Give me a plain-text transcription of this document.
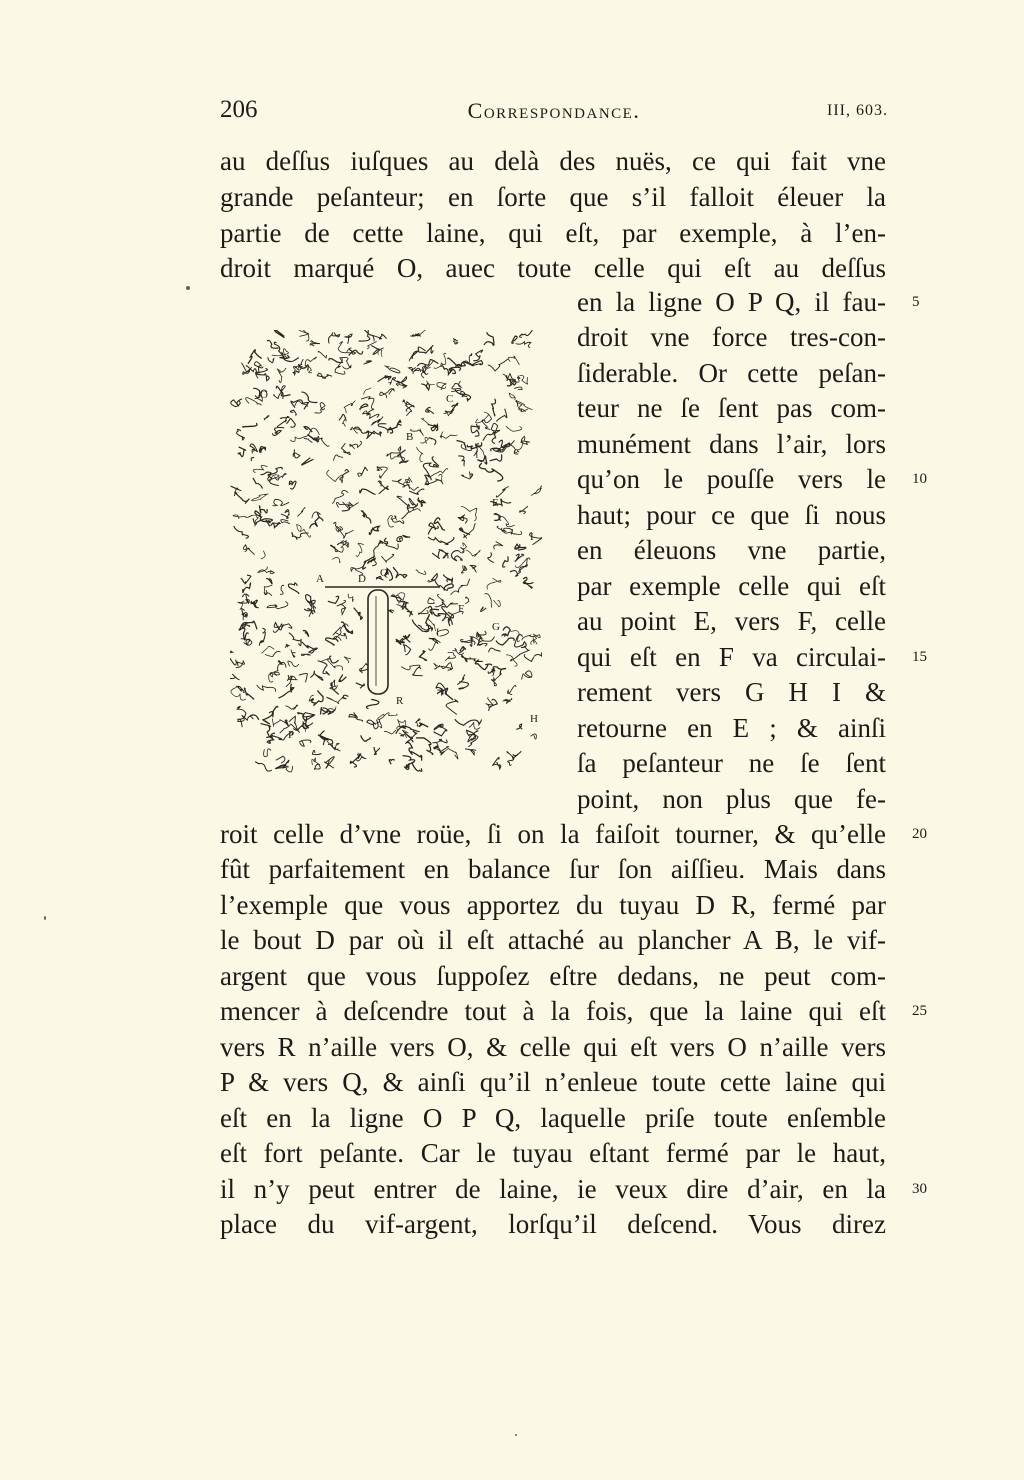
206	Correspondance.	III, 603.
au deſſus iuſques au delà des nuës, ce qui fait vne
grande peſanteur; en ſorte que s’il falloit éleuer la
partie de cette laine, qui eſt, par exemple, à l’en-
droit marqué O, auec toute celle qui eſt au deſſus
en la ligne O P Q, il fau-
droit vne force tres-con-
ſiderable. Or cette peſan-
teur ne ſe ſent pas com-
munément dans l’air, lors
qu’on le pouſſe vers le
haut; pour ce que ſi nous
en éleuons vne partie,
par exemple celle qui eſt
au point E, vers F, celle
qui eſt en F va circulai-
rement vers G H I &
retourne en E ; & ainſi
ſa peſanteur ne ſe ſent
point, non plus que fe-
roit celle d’vne roüe, ſi on la faiſoit tourner, & qu’elle
fût parfaitement en balance ſur ſon aiſſieu. Mais dans
l’exemple que vous apportez du tuyau D R, fermé par
le bout D par où il eſt attaché au plancher A B, le vif-
argent que vous ſuppoſez eſtre dedans, ne peut com-
mencer à deſcendre tout à la fois, que la laine qui eſt
vers R n’aille vers O, & celle qui eſt vers O n’aille vers
P & vers Q, & ainſi qu’il n’enleue toute cette laine qui
eſt en la ligne O P Q, laquelle priſe toute enſemble
eſt fort peſante. Car le tuyau eſtant fermé par le haut,
il n’y peut entrer de laine, ie veux dire d’air, en la
place du vif-argent, lorſqu’il deſcend. Vous direz
5
10
15
20
25
30
O	C
B
A	D
R
P
Q
E
F
G
H
I
